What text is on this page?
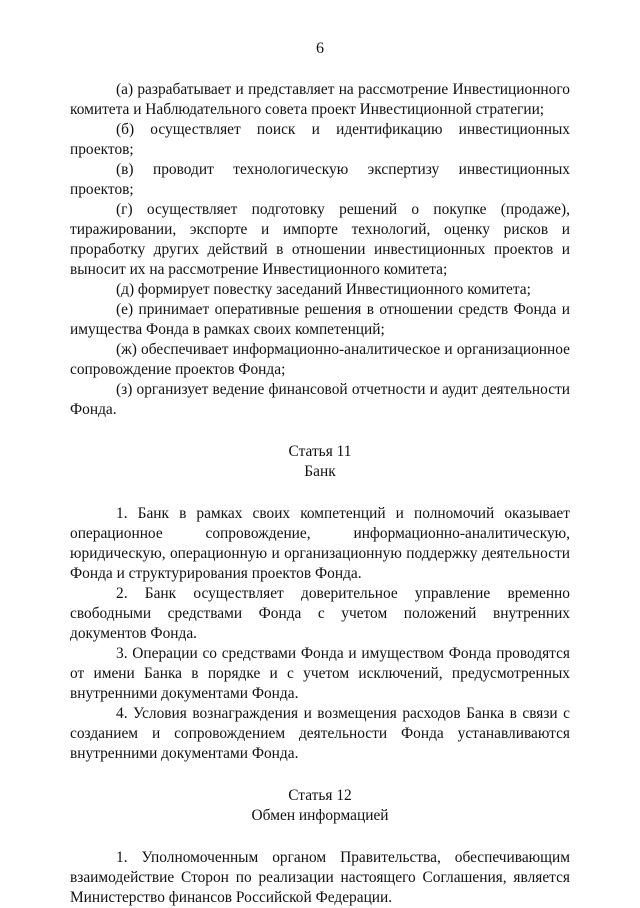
6

(а) разрабатывает и представляет на рассмотрение Инвестиционного комитета и Наблюдательного совета проект Инвестиционной стратегии;

(б) осуществляет поиск и идентификацию инвестиционных проектов;

(в) проводит технологическую экспертизу инвестиционных проектов;

(г) осуществляет подготовку решений о покупке (продаже), тиражировании, экспорте и импорте технологий, оценку рисков и проработку других действий в отношении инвестиционных проектов и выносит их на рассмотрение Инвестиционного комитета;

(д) формирует повестку заседаний Инвестиционного комитета;

(е) принимает оперативные решения в отношении средств Фонда и имущества Фонда в рамках своих компетенций;

(ж) обеспечивает информационно-аналитическое и организационное сопровождение проектов Фонда;

(з) организует ведение финансовой отчетности и аудит деятельности Фонда.

Статья 11

Банк

1. Банк в рамках своих компетенций и полномочий оказывает операционное сопровождение, информационно-аналитическую, юридическую, операционную и организационную поддержку деятельности Фонда и структурирования проектов Фонда.

2. Банк осуществляет доверительное управление временно свободными средствами Фонда с учетом положений внутренних документов Фонда.

3. Операции со средствами Фонда и имуществом Фонда проводятся от имени Банка в порядке и с учетом исключений, предусмотренных внутренними документами Фонда.

4. Условия вознаграждения и возмещения расходов Банка в связи с созданием и сопровождением деятельности Фонда устанавливаются внутренними документами Фонда.

Статья 12

Обмен информацией

1. Уполномоченным органом Правительства, обеспечивающим взаимодействие Сторон по реализации настоящего Соглашения, является Министерство финансов Российской Федерации.
